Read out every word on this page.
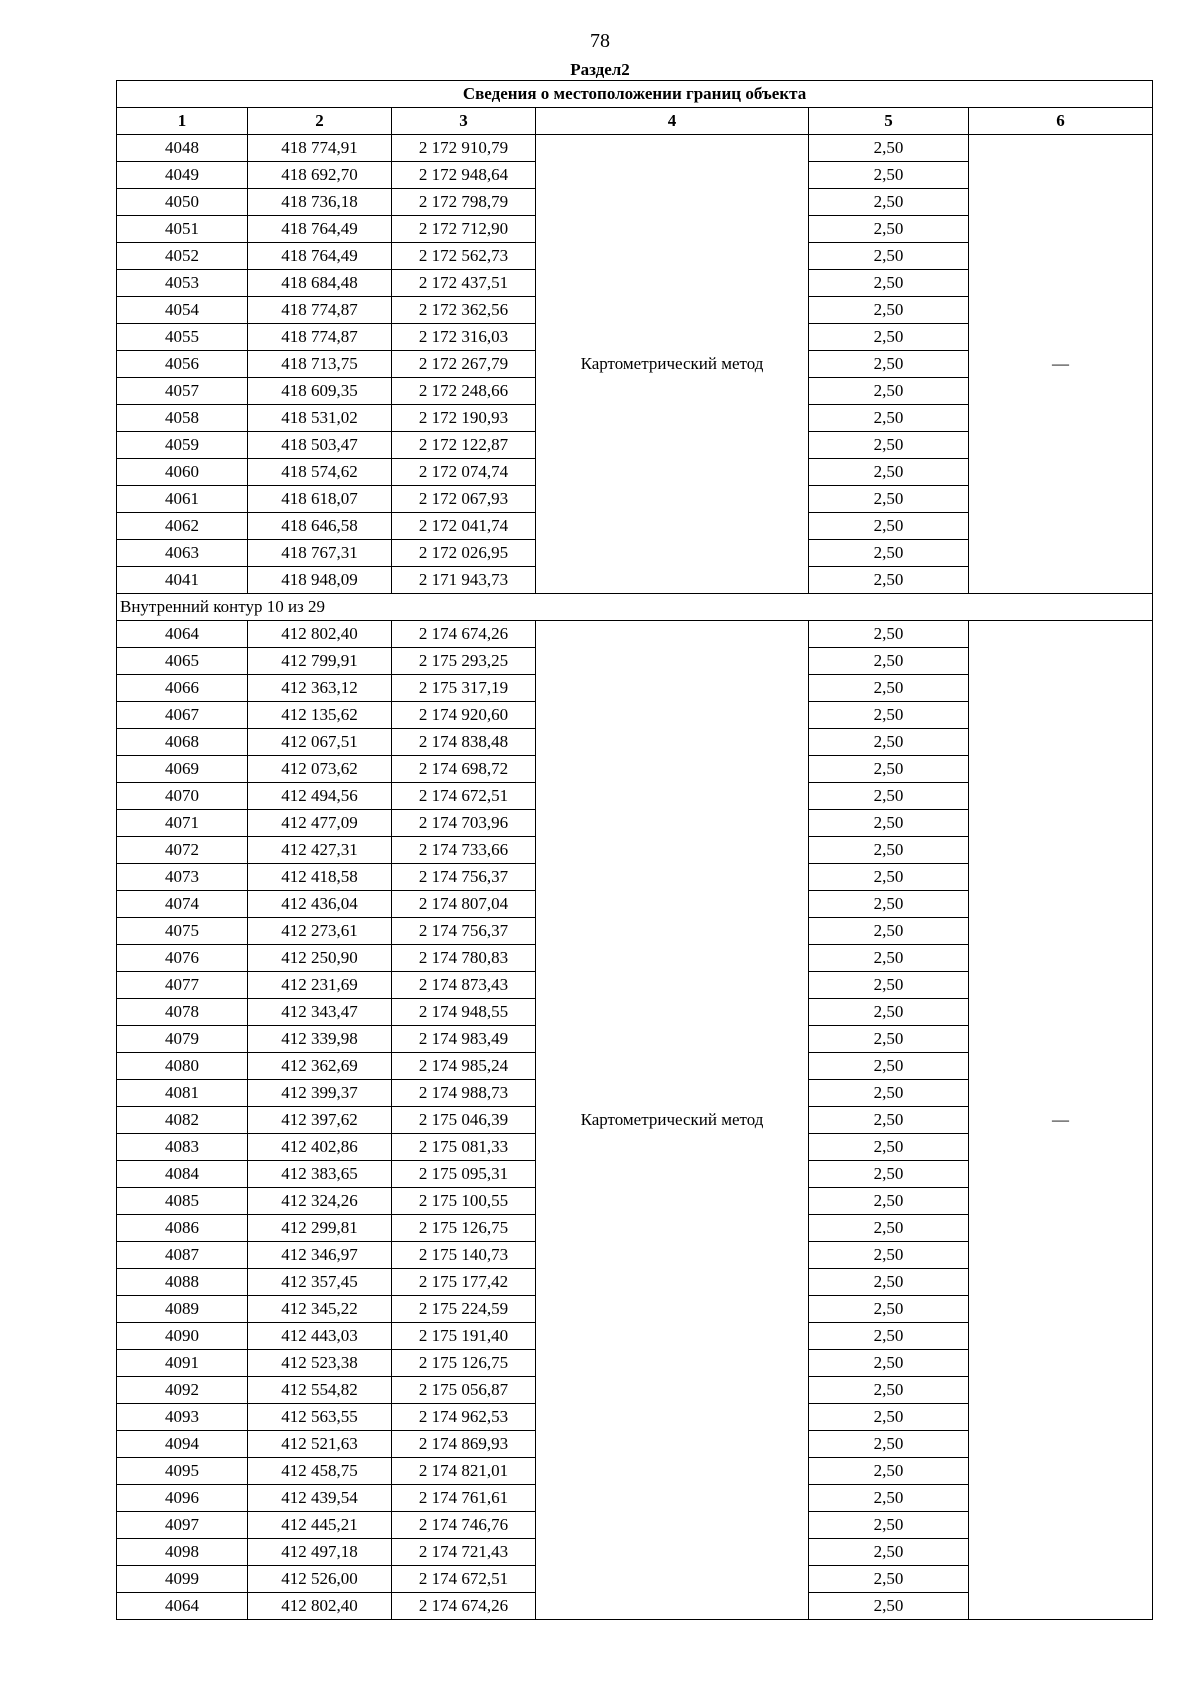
78
Раздел2
Сведения о местоположении границ объекта					
1	2	3	4	5	6
4048	418 774,91	2 172 910,79	Картометрический метод	2,50	—
4049	418 692,70	2 172 948,64		2,50	
4050	418 736,18	2 172 798,79		2,50	
4051	418 764,49	2 172 712,90		2,50	
4052	418 764,49	2 172 562,73		2,50	
4053	418 684,48	2 172 437,51		2,50	
4054	418 774,87	2 172 362,56		2,50	
4055	418 774,87	2 172 316,03		2,50	
4056	418 713,75	2 172 267,79		2,50	
4057	418 609,35	2 172 248,66		2,50	
4058	418 531,02	2 172 190,93		2,50	
4059	418 503,47	2 172 122,87		2,50	
4060	418 574,62	2 172 074,74		2,50	
4061	418 618,07	2 172 067,93		2,50	
4062	418 646,58	2 172 041,74		2,50	
4063	418 767,31	2 172 026,95		2,50	
4041	418 948,09	2 171 943,73		2,50	
Внутренний контур 10 из 29					
4064	412 802,40	2 174 674,26	Картометрический метод	2,50	—
4065	412 799,91	2 175 293,25		2,50	
4066	412 363,12	2 175 317,19		2,50	
4067	412 135,62	2 174 920,60		2,50	
4068	412 067,51	2 174 838,48		2,50	
4069	412 073,62	2 174 698,72		2,50	
4070	412 494,56	2 174 672,51		2,50	
4071	412 477,09	2 174 703,96		2,50	
4072	412 427,31	2 174 733,66		2,50	
4073	412 418,58	2 174 756,37		2,50	
4074	412 436,04	2 174 807,04		2,50	
4075	412 273,61	2 174 756,37		2,50	
4076	412 250,90	2 174 780,83		2,50	
4077	412 231,69	2 174 873,43		2,50	
4078	412 343,47	2 174 948,55		2,50	
4079	412 339,98	2 174 983,49		2,50	
4080	412 362,69	2 174 985,24		2,50	
4081	412 399,37	2 174 988,73		2,50	
4082	412 397,62	2 175 046,39		2,50	
4083	412 402,86	2 175 081,33		2,50	
4084	412 383,65	2 175 095,31		2,50	
4085	412 324,26	2 175 100,55		2,50	
4086	412 299,81	2 175 126,75		2,50	
4087	412 346,97	2 175 140,73		2,50	
4088	412 357,45	2 175 177,42		2,50	
4089	412 345,22	2 175 224,59		2,50	
4090	412 443,03	2 175 191,40		2,50	
4091	412 523,38	2 175 126,75		2,50	
4092	412 554,82	2 175 056,87		2,50	
4093	412 563,55	2 174 962,53		2,50	
4094	412 521,63	2 174 869,93		2,50	
4095	412 458,75	2 174 821,01		2,50	
4096	412 439,54	2 174 761,61		2,50	
4097	412 445,21	2 174 746,76		2,50	
4098	412 497,18	2 174 721,43		2,50	
4099	412 526,00	2 174 672,51		2,50	
4064	412 802,40	2 174 674,26		2,50	
